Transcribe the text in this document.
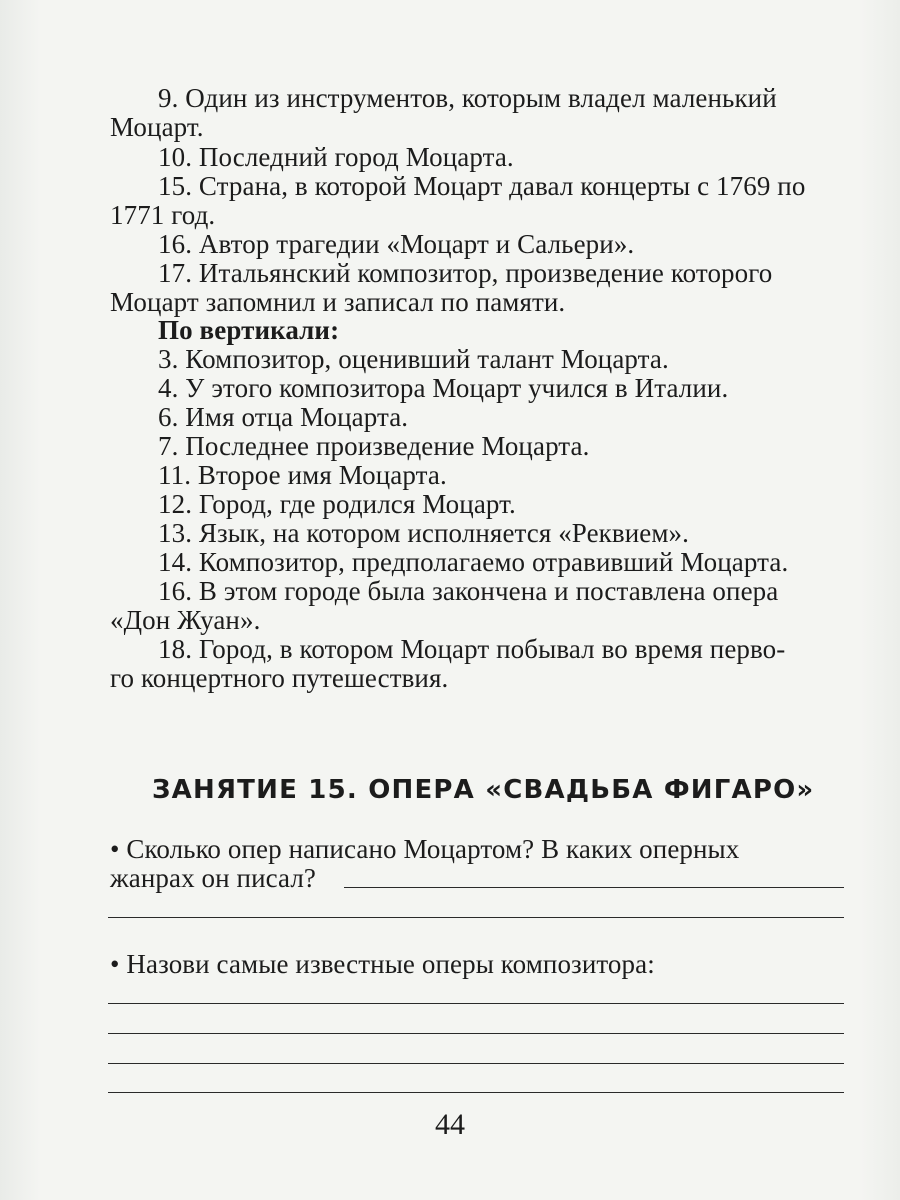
9. Один из инструментов, которым владел маленький
Моцарт.
10. Последний город Моцарта.
15. Страна, в которой Моцарт давал концерты с 1769 по
1771 год.
16. Автор трагедии «Моцарт и Сальери».
17. Итальянский композитор, произведение которого
Моцарт запомнил и записал по памяти.
По вертикали:
3. Композитор, оценивший талант Моцарта.
4. У этого композитора Моцарт учился в Италии.
6. Имя отца Моцарта.
7. Последнее произведение Моцарта.
11. Второе имя Моцарта.
12. Город, где родился Моцарт.
13. Язык, на котором исполняется «Реквием».
14. Композитор, предполагаемо отравивший Моцарта.
16. В этом городе была закончена и поставлена опера
«Дон Жуан».
18. Город, в котором Моцарт побывал во время перво-
го концертного путешествия.
ЗАНЯТИЕ 15. ОПЕРА «СВАДЬБА ФИГАРО»
• Сколько опер написано Моцартом? В каких оперных
жанрах он писал?
• Назови самые известные оперы композитора:
44
